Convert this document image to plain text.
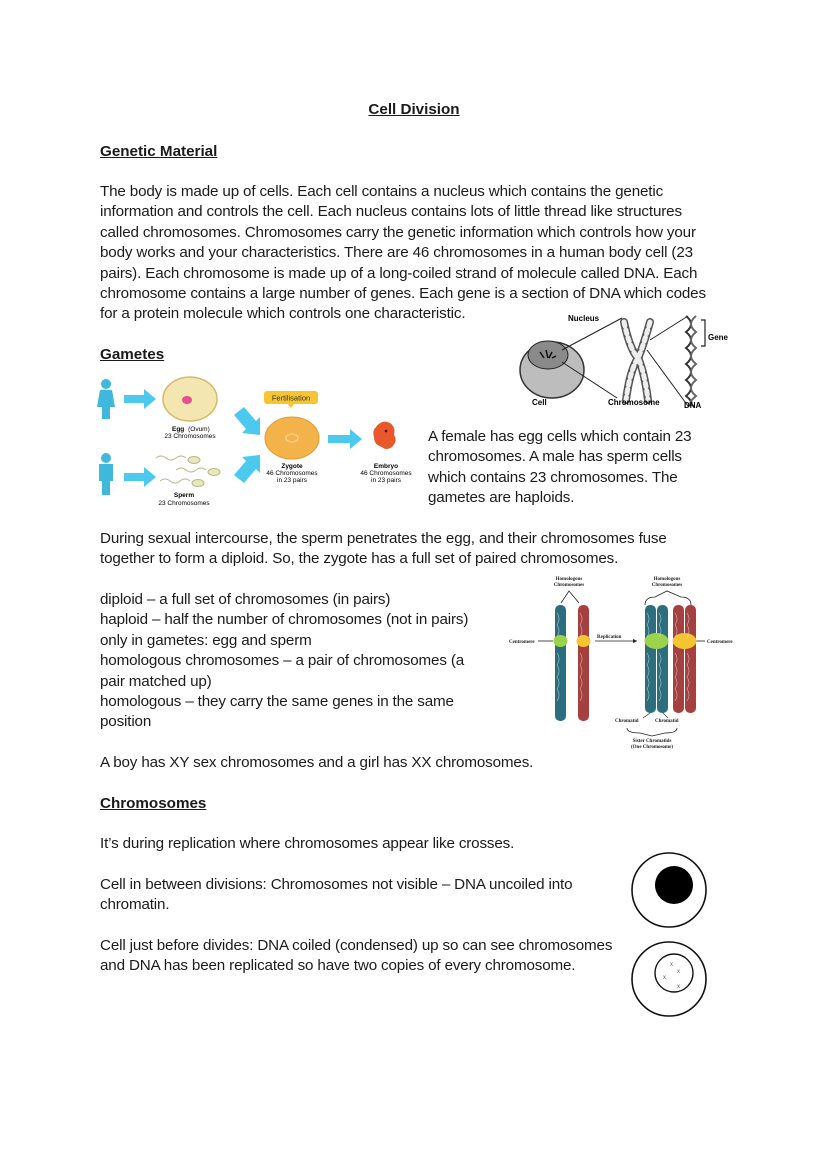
Cell Division
Genetic Material
The body is made up of cells. Each cell contains a nucleus which contains the genetic
information and controls the cell. Each nucleus contains lots of little thread like structures
called chromosomes. Chromosomes carry the genetic information which controls how your
body works and your characteristics. There are 46 chromosomes in a human body cell (23
pairs). Each chromosome is made up of a long-coiled strand of molecule called DNA. Each
chromosome contains a large number of genes. Each gene is a section of DNA which codes
for a protein molecule which controls one characteristic.	Nucleus
Cell	Chromosome	DNA
Gene
Gametes
Egg (Ovum)
23 Chromosomes
Sperm
23 Chromosomes
Fertilisation
Zygote
46 Chromosomes
in 23 pairs
Embryo
46 Chromosomes
in 23 pairs
A female has egg cells which contain 23
chromosomes. A male has sperm cells
which contains 23 chromosomes. The
gametes are haploids.
During sexual intercourse, the sperm penetrates the egg, and their chromosomes fuse
together to form a diploid. So, the zygote has a full set of paired chromosomes.
diploid – a full set of chromosomes (in pairs)
haploid – half the number of chromosomes (not in pairs)
only in gametes: egg and sperm
homologous chromosomes – a pair of chromosomes (a
pair matched up)
homologous – they carry the same genes in the same
position
Homologous
Chromosomes
Homologous
Chromosomes
Centromere	Centromere
Replication
Chromatid	Chromatid
Sister Chromatids
(One Chromosome)
A boy has XY sex chromosomes and a girl has XX chromosomes.
Chromosomes
It’s during replication where chromosomes appear like crosses.
Cell in between divisions: Chromosomes not visible – DNA uncoiled into
chromatin.
Cell just before divides: DNA coiled (condensed) up so can see chromosomes
and DNA has been replicated so have two copies of every chromosome.	x
x
x
x
